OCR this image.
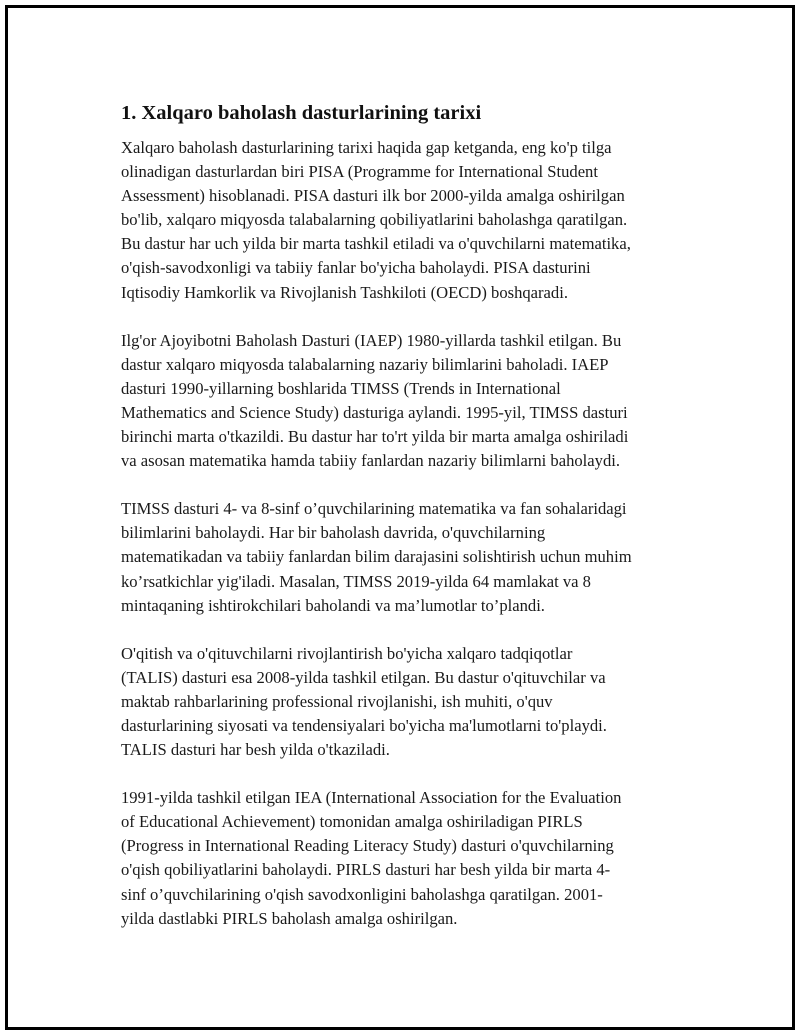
1. Xalqaro baholash dasturlarining tarixi
Xalqaro baholash dasturlarining tarixi haqida gap ketganda, eng ko'p tilga
olinadigan dasturlardan biri PISA (Programme for International Student
Assessment) hisoblanadi. PISA dasturi ilk bor 2000-yilda amalga oshirilgan
bo'lib, xalqaro miqyosda talabalarning qobiliyatlarini baholashga qaratilgan.
Bu dastur har uch yilda bir marta tashkil etiladi va o'quvchilarni matematika,
o'qish-savodxonligi va tabiiy fanlar bo'yicha baholaydi. PISA dasturini
Iqtisodiy Hamkorlik va Rivojlanish Tashkiloti (OECD) boshqaradi.
Ilg'or Ajoyibotni Baholash Dasturi (IAEP) 1980-yillarda tashkil etilgan. Bu
dastur xalqaro miqyosda talabalarning nazariy bilimlarini baholadi. IAEP
dasturi 1990-yillarning boshlarida TIMSS (Trends in International
Mathematics and Science Study) dasturiga aylandi. 1995-yil, TIMSS dasturi
birinchi marta o'tkazildi. Bu dastur har to'rt yilda bir marta amalga oshiriladi
va asosan matematika hamda tabiiy fanlardan nazariy bilimlarni baholaydi.
TIMSS dasturi 4- va 8-sinf o’quvchilarining matematika va fan sohalaridagi
bilimlarini baholaydi. Har bir baholash davrida, o'quvchilarning
matematikadan va tabiiy fanlardan bilim darajasini solishtirish uchun muhim
ko’rsatkichlar yig'iladi. Masalan, TIMSS 2019-yilda 64 mamlakat va 8
mintaqaning ishtirokchilari baholandi va ma’lumotlar to’plandi.
O'qitish va o'qituvchilarni rivojlantirish bo'yicha xalqaro tadqiqotlar
(TALIS) dasturi esa 2008-yilda tashkil etilgan. Bu dastur o'qituvchilar va
maktab rahbarlarining professional rivojlanishi, ish muhiti, o'quv
dasturlarining siyosati va tendensiyalari bo'yicha ma'lumotlarni to'playdi.
TALIS dasturi har besh yilda o'tkaziladi.
1991-yilda tashkil etilgan IEA (International Association for the Evaluation
of Educational Achievement) tomonidan amalga oshiriladigan PIRLS
(Progress in International Reading Literacy Study) dasturi o'quvchilarning
o'qish qobiliyatlarini baholaydi. PIRLS dasturi har besh yilda bir marta 4-
sinf o’quvchilarining o'qish savodxonligini baholashga qaratilgan. 2001-
yilda dastlabki PIRLS baholash amalga oshirilgan.
